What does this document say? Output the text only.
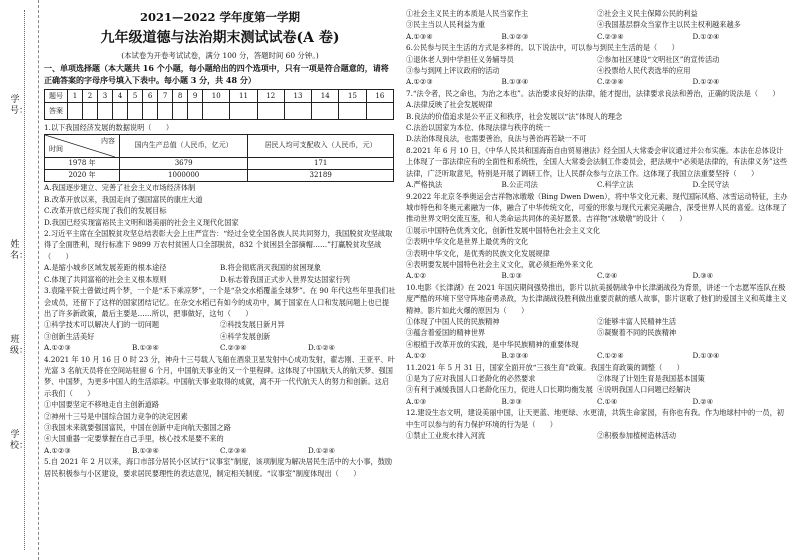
学号：
姓名：
班级：
学校：
2021—2022 学年度第一学期
九年级道德与法治期末测试试卷(A 卷)
(本试卷为开卷考试试卷，满分 100 分，答题时间 60 分钟。)
一、单项选择题（本大题共 16 个小题，每小题给出的四个选项中，只有一项是符合题意的，请将正确答案的字母序号填入下表中。每小题 3 分，共 48 分）
题号	1	2	3	4	5	6	7	8	9	10	11	12	13	14	15	16
答案																
1.以下我国经济发展的数据说明（　　）
内容
时间	国内生产总值（人民币，亿元）	居民人均可支配收入（人民币，元）
1978 年	3679	171
2020 年	1000000	32189
A.我国逐步建立、完善了社会主义市场经济体制
B.改革开放以来，我国走向了强国富民的康庄大道
C.改革开放已经实现了我们的发展目标
D.我国已经实现富裕民主文明和谐美丽的社会主义现代化国家
2.习近平主席在全国脱贫攻坚总结表彰大会上庄严宣告：“经过全党全国各族人民共同努力，我国脱贫攻坚战取得了全面胜利，现行标准下 9899 万农村贫困人口全部脱贫，832 个贫困县全部摘帽……”打赢脱贫攻坚战（　　）
A.是缩小城乡区域发展差距的根本途径	B.将会彻底消灭我国的贫困现象
C.体现了共同富裕的社会主义根本原则	D.标志着我国正式步入世界发达国家行列
3.袁隆平院士曾做过两个梦，一个是“禾下乘凉梦”，一个是“杂交水稻覆盖全球梦”。在 90 年代这些年里我们社会成员，还留下了这样的国家团结记忆。在杂交水稻已有如今的成功中，属于国家在人口和发展问题上也已提出了许多新政策，最后主要是……所以，把事做好，这句（　　）
①科学技术可以解决人们的一切问题	②科技发展日新月异
③创新生活美好	④科学发展创新
A.①②③	B.①③④	C.②③④	D.①②④
4.2021 年 10 月 16 日 0 时 23 分，神舟十三号载人飞船在酒泉卫星发射中心成功发射，翟志刚、王亚平、叶光富 3 名航天员将在空间站驻留 6 个月，中国航天事业的又一个里程碑。这体现了中国航天人的航天梦、强国梦、中国梦，为更多中国人的生活添彩。中国航天事业取得的成就，离不开一代代航天人的努力和创新。这启示我们（　　）
①中国要坚定不移地走自主创新道路
②神州十三号是中国综合国力竞争的决定因素
③我国未来就要强国富民，中国在创新中走向航天强国之路
④大国重器一定要掌握在自己手里，核心技术是要不来的
A.①②③	B.①③④	C.②③④	D.①②④
5.自 2021 年 2 月以来，海口市部分居民小区试行“议事室”制度，该项制度为解决居民生活中的大小事，鼓励居民积极参与小区建设，要求居民要理性的表达意见，制定相关制度。“议事室”制度体现出（　　）
①社会主义民主的本质是人民当家作主	②社会主义民主保障公民的利益
③民主当以人民利益为重	④我国基层群众当家作主以民主权利越来越多
A.①③④	B.①②③	C.②③④	D.①②④
6.公民参与民主生活的方式是多样的。以下说法中，可以参与到民主生活的是（　　）
①退休老人到中学担任义务辅导员	②参加社区建设“文明社区”的宣传活动
③参与到网上评议政府的活动	④投票给人民代表选举的应用
A.①②③	B.①③④	C.②③④	D.①②④
7.“法令者，民之命也，为治之本也”。法治要求良好的法律，能才提出，法律要求良法和善治，正确的说法是（　　）
A.法律反映了社会发展规律
B.良法的价值追求是公平正义和秩序，社会发展以“法”体现人的理念
C.法治以国家为本位、体现法律与秩序的统一
D.法治体现良法，也需要善治，良法与善治再若缺一不可
8.2021 年 6 月 10 日，《中华人民共和国海南自由贸易港法》经全国人大常委会审议通过并公布实施。本法在总体设计上体现了一部法律应有的全面性和系统性，全国人大常委会法制工作委员会，把法规中“必须是法律的，有法律义务”这些法律，广泛听取意见，特别是开展了调研工作，让人民群众参与立法工作。这体现了我国立法重要坚持（　　）
A.严格执法	B.公正司法	C.科学立法	D.全民守法
9.2022 年北京冬季奥运会吉祥物冰墩墩（Bing Dwen Dwen），将中华文化元素、现代国际风格、冰雪运动特征，主办城市特色和冬奥元素融为一体，融合了中华传统文化，可爱的形象与现代元素完美融合，深受世界人民的喜爱。这体现了推动世界文明交流互鉴，和人类命运共同体的美好愿景。吉祥物“冰墩墩”的设计（　　）
①展示中国特色优秀文化，创新性发展中国特色社会主义文化
②表明中华文化是世界上最优秀的文化
③表明中华文化，是优秀的民族文化发展规律
④表明要发展中国特色社会主义文化，就必须拒绝外来文化
A.①②	B.①③	C.②④	D.③④
10.电影《长津湖》在 2021 年国庆期间强势推出，影片以抗美援朝战争中长津湖战役为背景，讲述一个志愿军连队在极度严酷的环境下坚守阵地奋勇杀敌，为长津湖战役胜利做出重要贡献的感人故事，影片讴歌了他们的爱国主义和英雄主义精神。影片如此火爆的原因为（　　）
①体现了中国人民的民族精神	②能够丰富人民精神生活
③蕴含着爱国的精神世界	⑤凝聚着不同的民族精神
④根植于改革开放的实践，是中华民族精神的重要体现
A.①②	B.②③④	C.①②④	D.①③④
11.2021 年 5 月 31 日，国家全面开放“三孩生育”政策。我国生育政策的调整（　　）
①是为了应对我国人口老龄化的必然要求	②体现了计划生育是我国基本国策
③有利于减缓我国人口老龄化压力，促进人口长期均衡发展 ④说明我国人口问题已经解决
A.①③	B.②③	C.①④	D.②④
12.建设生态文明，建设美丽中国，让天更蓝、地更绿、水更清，共筑生命家园，有你也有我。作为地球村中的一员，初中生可以参与的有力保护环境的行为是（　　）
①禁止工业废水排入河流	②积极参加植树造林活动
